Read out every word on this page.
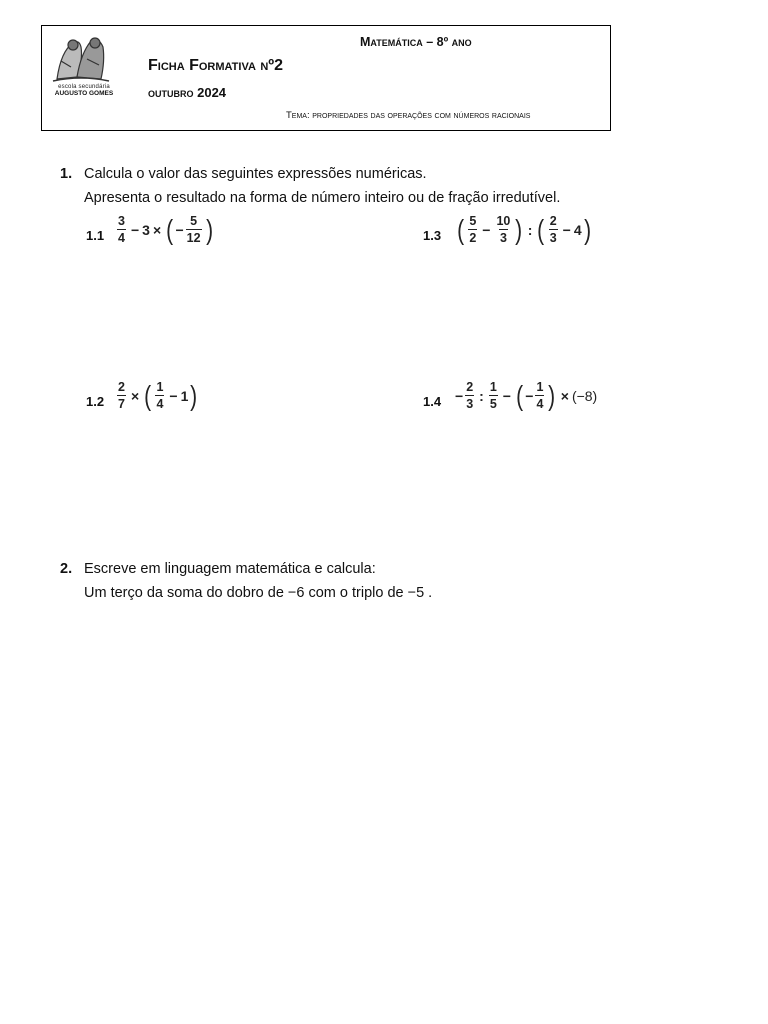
escola secundária
AUGUSTO GOMES
Matemática – 8º ano
Ficha Formativa nº2
outubro 2024
Tema: propriedades das operações com números racionais
1. Calcula o valor das seguintes expressões numéricas.
Apresenta o resultado na forma de número inteiro ou de fração irredutível.
$1.1 \frac{3}{4} - 3$ × ( − $\frac{5}{12}$ )	1.3 ( $\frac{5}{2} - \frac{10}{3}$ ) : ( $\frac{2}{3} - 4$ )
$1.2 \frac{2}{7}$ × ( $\frac{1}{4} - 1$ )	$1.4 - \frac{2}{3}$ : $\frac{1}{5}$ − ( − $\frac{1}{4}$ ) × (−8)
2. Escreve em linguagem matemática e calcula:
Um terço da soma do dobro de −6 com o triplo de −5 .
